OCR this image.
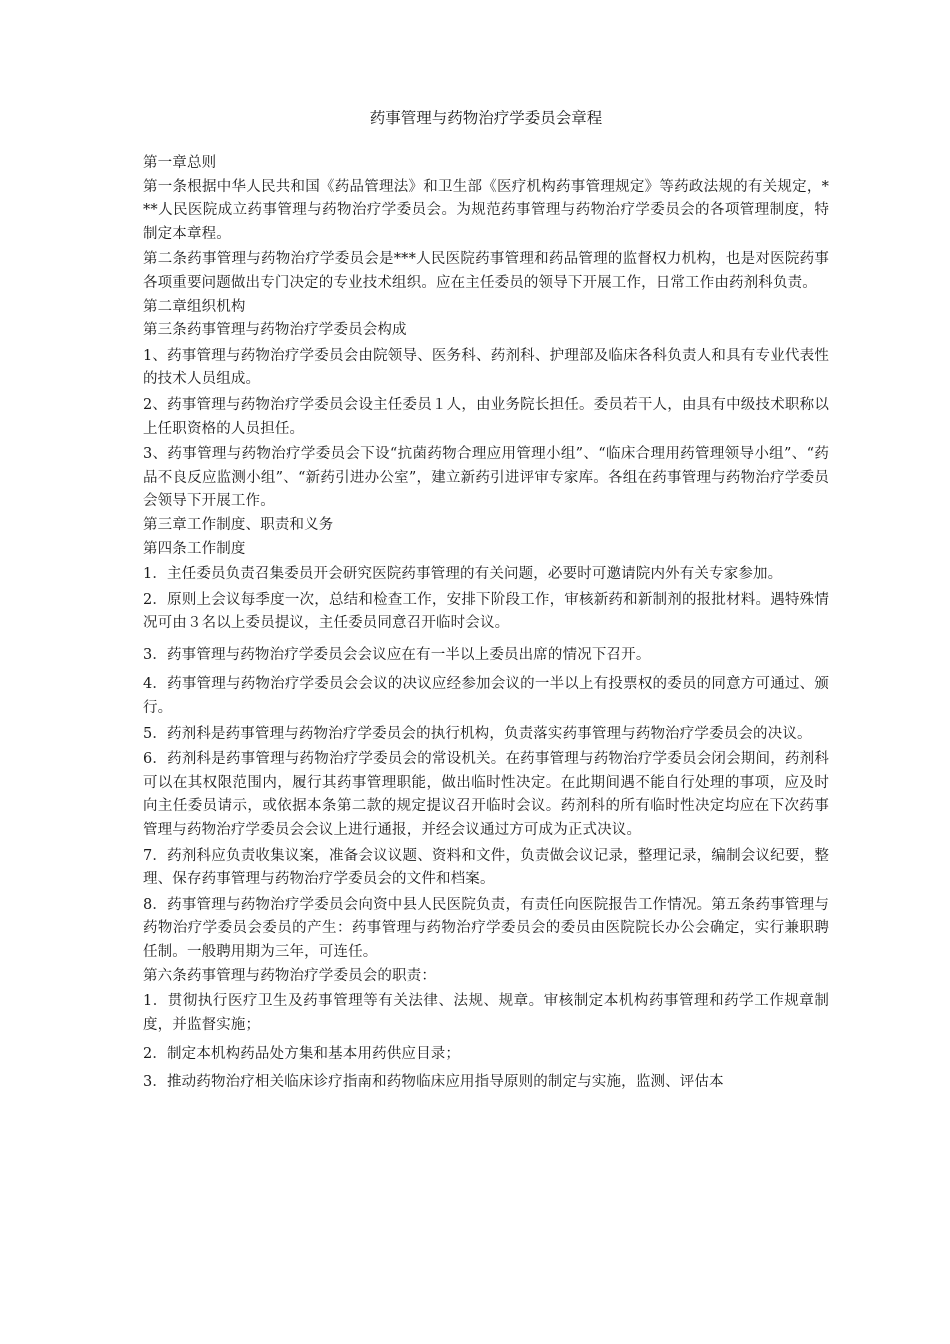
药事管理与药物治疗学委员会章程

第一章总则

第一条根据中华人民共和国《药品管理法》和卫生部《医疗机构药事管理规定》等药政法规的有关规定，***人民医院成立药事管理与药物治疗学委员会。为规范药事管理与药物治疗学委员会的各项管理制度，特制定本章程。

第二条药事管理与药物治疗学委员会是***人民医院药事管理和药品管理的监督权力机构，也是对医院药事各项重要问题做出专门决定的专业技术组织。应在主任委员的领导下开展工作，日常工作由药剂科负责。

第二章组织机构

第三条药事管理与药物治疗学委员会构成

1、药事管理与药物治疗学委员会由院领导、医务科、药剂科、护理部及临床各科负责人和具有专业代表性的技术人员组成。

2、药事管理与药物治疗学委员会设主任委员１人，由业务院长担任。委员若干人，由具有中级技术职称以上任职资格的人员担任。

3、药事管理与药物治疗学委员会下设“抗菌药物合理应用管理小组”、“临床合理用药管理领导小组”、“药品不良反应监测小组”、“新药引进办公室”，建立新药引进评审专家库。各组在药事管理与药物治疗学委员会领导下开展工作。

第三章工作制度、职责和义务

第四条工作制度

1．主任委员负责召集委员开会研究医院药事管理的有关问题，必要时可邀请院内外有关专家参加。

2．原则上会议每季度一次，总结和检查工作，安排下阶段工作，审核新药和新制剂的报批材料。遇特殊情况可由３名以上委员提议，主任委员同意召开临时会议。

3．药事管理与药物治疗学委员会会议应在有一半以上委员出席的情况下召开。

4．药事管理与药物治疗学委员会会议的决议应经参加会议的一半以上有投票权的委员的同意方可通过、颁行。

5．药剂科是药事管理与药物治疗学委员会的执行机构，负责落实药事管理与药物治疗学委员会的决议。

6．药剂科是药事管理与药物治疗学委员会的常设机关。在药事管理与药物治疗学委员会闭会期间，药剂科可以在其权限范围内，履行其药事管理职能，做出临时性决定。在此期间遇不能自行处理的事项，应及时向主任委员请示，或依据本条第二款的规定提议召开临时会议。药剂科的所有临时性决定均应在下次药事管理与药物治疗学委员会会议上进行通报，并经会议通过方可成为正式决议。

7．药剂科应负责收集议案，准备会议议题、资料和文件，负责做会议记录，整理记录，编制会议纪要，整理、保存药事管理与药物治疗学委员会的文件和档案。

8．药事管理与药物治疗学委员会向资中县人民医院负责，有责任向医院报告工作情况。第五条药事管理与药物治疗学委员会委员的产生：药事管理与药物治疗学委员会的委员由医院院长办公会确定，实行兼职聘任制。一般聘用期为三年，可连任。

第六条药事管理与药物治疗学委员会的职责：

1．贯彻执行医疗卫生及药事管理等有关法律、法规、规章。审核制定本机构药事管理和药学工作规章制度，并监督实施；

2．制定本机构药品处方集和基本用药供应目录；

3．推动药物治疗相关临床诊疗指南和药物临床应用指导原则的制定与实施，监测、评估本
